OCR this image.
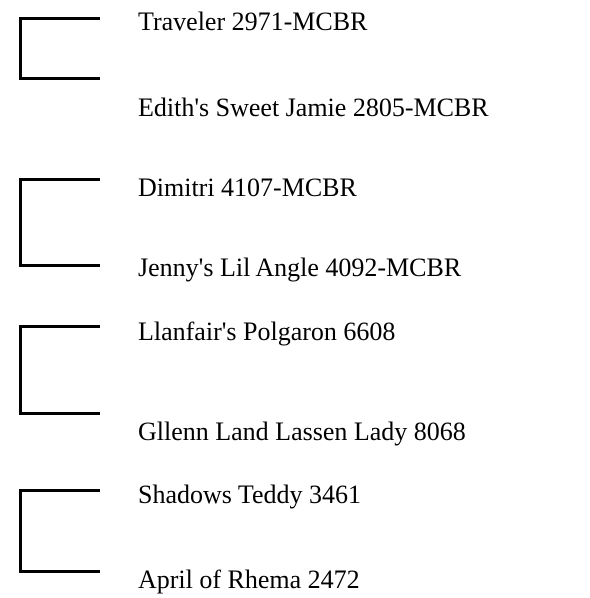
Traveler 2971-MCBR
Edith's Sweet Jamie 2805-MCBR
Dimitri 4107-MCBR
Jenny's Lil Angle 4092-MCBR
Llanfair's Polgaron 6608
Gllenn Land Lassen Lady 8068
Shadows Teddy 3461
April of Rhema 2472
